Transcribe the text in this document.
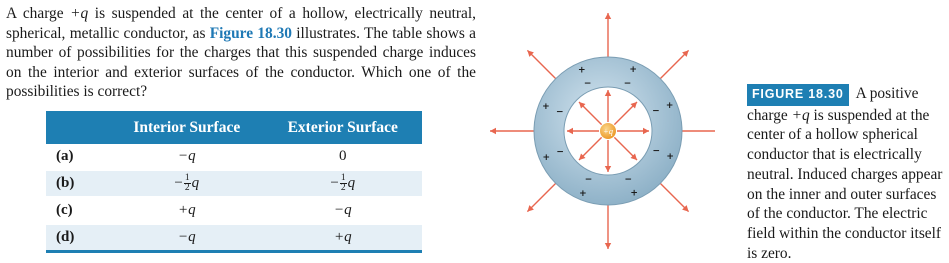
A charge +q is suspended at the center of a hollow, electrically neutral, spherical, metallic conductor, as Figure 18.30 illustrates. The table shows a number of possibilities for the charges that this suspended charge induces on the interior and exterior surfaces of the conductor. Which one of the possibilities is correct?
	Interior Surface	Exterior Surface
(a)	−q	0
(b)	− $\frac{1}{2}$ q	− $\frac{1}{2}$ q
(c)	+q	−q
(d)	−q	+q
−
+
−
+
−
+
−
+
−
+
−
+
−
+
−
+
+q
FIGURE 18.30 A positive charge +q is suspended at the center of a hollow spherical conductor that is electrically neutral. Induced charges appear on the inner and outer surfaces of the conductor. The electric field within the conductor itself is zero.
